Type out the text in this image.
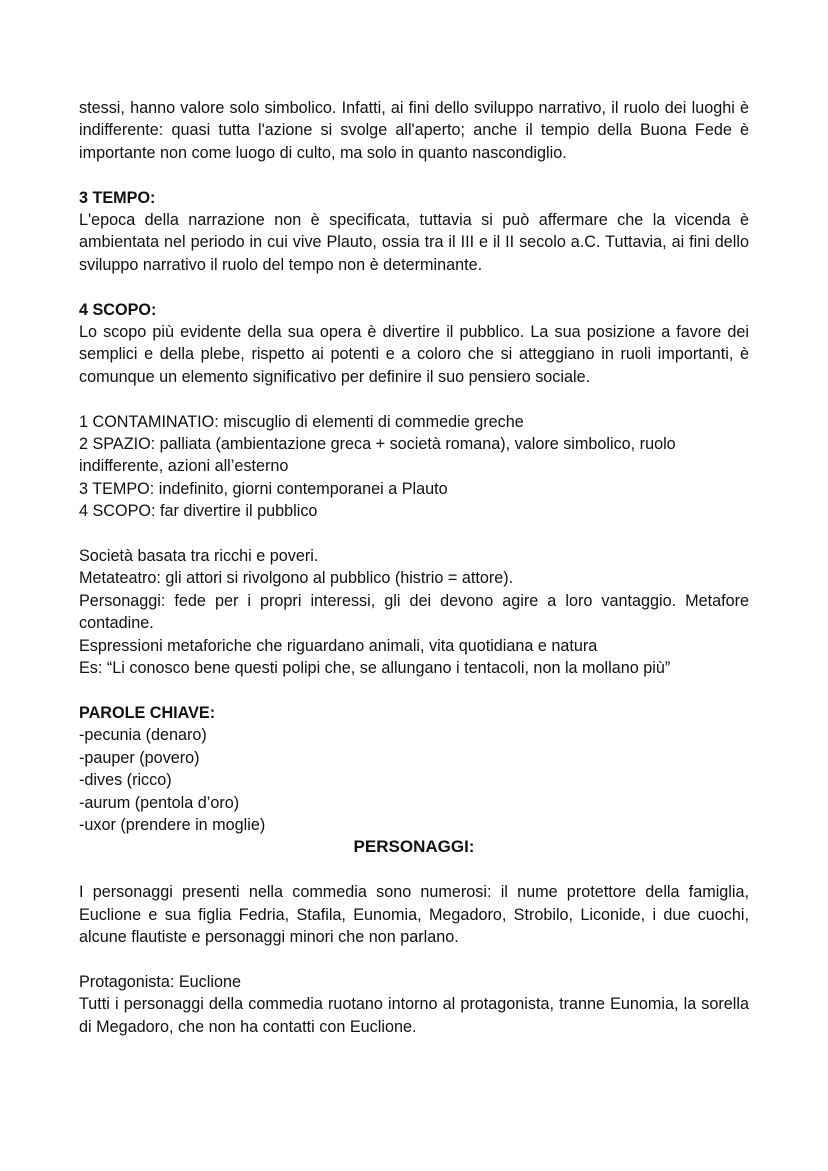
stessi, hanno valore solo simbolico. Infatti, ai fini dello sviluppo narrativo, il ruolo dei luoghi è indifferente: quasi tutta l'azione si svolge all'aperto; anche il tempio della Buona Fede è importante non come luogo di culto, ma solo in quanto nascondiglio.

3 TEMPO:

L'epoca della narrazione non è specificata, tuttavia si può affermare che la vicenda è ambientata nel periodo in cui vive Plauto, ossia tra il III e il II secolo a.C. Tuttavia, ai fini dello sviluppo narrativo il ruolo del tempo non è determinante.

4 SCOPO:

Lo scopo più evidente della sua opera è divertire il pubblico. La sua posizione a favore dei semplici e della plebe, rispetto ai potenti e a coloro che si atteggiano in ruoli importanti, è comunque un elemento significativo per definire il suo pensiero sociale.

1 CONTAMINATIO: miscuglio di elementi di commedie greche

2 SPAZIO: palliata (ambientazione greca + società romana), valore simbolico, ruolo indifferente, azioni all’esterno

3 TEMPO: indefinito, giorni contemporanei a Plauto

4 SCOPO: far divertire il pubblico

Società basata tra ricchi e poveri.

Metateatro: gli attori si rivolgono al pubblico (histrio = attore).

Personaggi: fede per i propri interessi, gli dei devono agire a loro vantaggio. Metafore contadine.

Espressioni metaforiche che riguardano animali, vita quotidiana e natura

Es: “Li conosco bene questi polipi che, se allungano i tentacoli, non la mollano più”

PAROLE CHIAVE:

-pecunia (denaro)

-pauper (povero)

-dives (ricco)

-aurum (pentola d’oro)

-uxor (prendere in moglie)

PERSONAGGI:

I personaggi presenti nella commedia sono numerosi: il nume protettore della famiglia, Euclione e sua figlia Fedria, Stafila, Eunomia, Megadoro, Strobilo, Liconide, i due cuochi, alcune flautiste e personaggi minori che non parlano.

Protagonista: Euclione

Tutti i personaggi della commedia ruotano intorno al protagonista, tranne Eunomia, la sorella di Megadoro, che non ha contatti con Euclione.
